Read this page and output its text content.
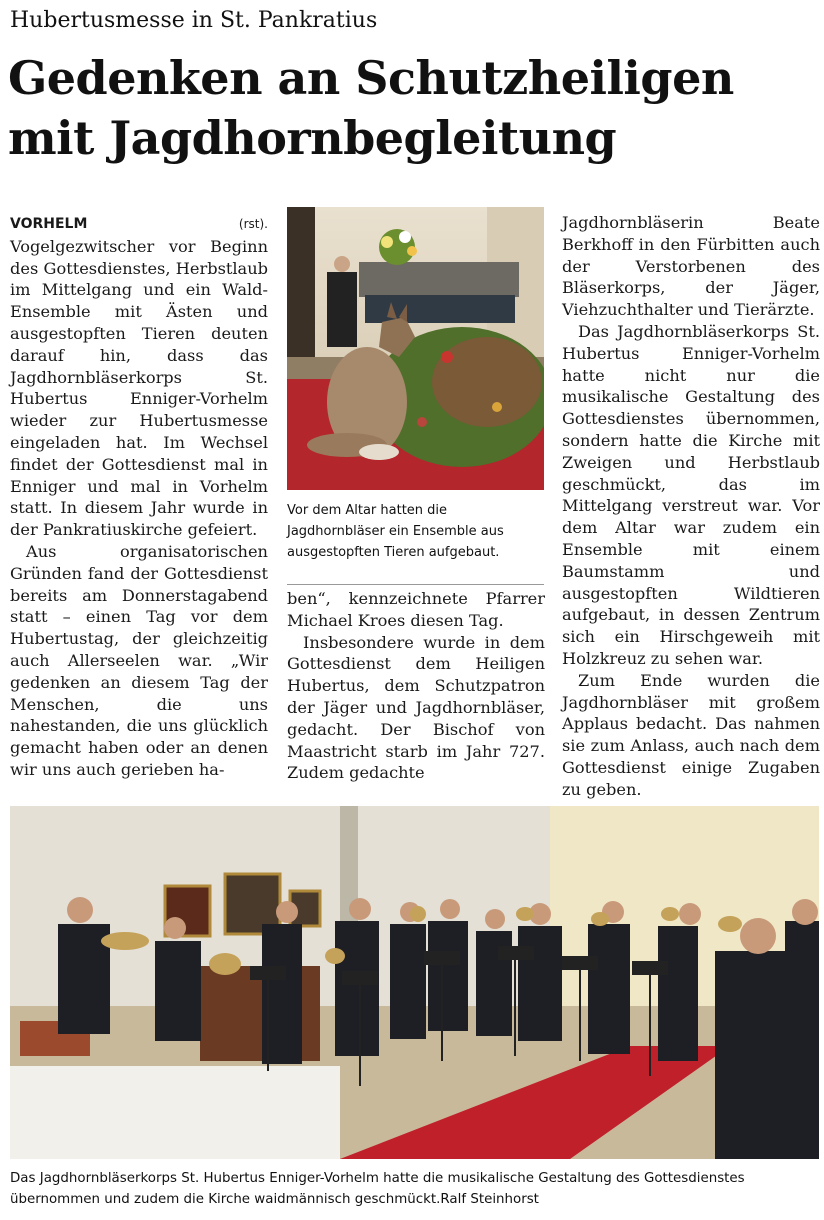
Hubertusmesse in St. Pankratius
Gedenken an Schutzheiligen mit Jagdhornbegleitung

VORHELM	(rst). Vogelgezwitscher vor Beginn des Gottesdienstes, Herbstlaub im Mittelgang und ein Wald-Ensemble mit Ästen und ausgestopften Tieren deuten darauf hin, dass das Jagdhornbläserkorps St. Hubertus Enniger-Vorhelm wieder zur Hubertusmesse eingeladen hat. Im Wechsel findet der Gottesdienst mal in Enniger und mal in Vorhelm statt. In diesem Jahr wurde in der Pankratiuskirche gefeiert.

Aus organisatorischen Gründen fand der Gottesdienst bereits am Donnerstagabend statt – einen Tag vor dem Hubertustag, der gleichzeitig auch Allerseelen war. „Wir gedenken an diesem Tag der Menschen, die uns nahestanden, die uns glücklich gemacht haben oder an denen wir uns auch gerieben ha-

Vor dem Altar hatten die Jagdhornbläser ein Ensemble aus ausgestopften Tieren aufgebaut.

ben“, kennzeichnete Pfarrer Michael Kroes diesen Tag.

Insbesondere wurde in dem Gottesdienst dem Heiligen Hubertus, dem Schutzpatron der Jäger und Jagdhornbläser, gedacht. Der Bischof von Maastricht starb im Jahr 727. Zudem gedachte

Jagdhornbläserin Beate Berkhoff in den Fürbitten auch der Verstorbenen des Bläserkorps, der Jäger, Viehzuchthalter und Tierärzte.

Das Jagdhornbläserkorps St. Hubertus Enniger-Vorhelm hatte nicht nur die musikalische Gestaltung des Gottesdienstes übernommen, sondern hatte die Kirche mit Zweigen und Herbstlaub geschmückt, das im Mittelgang verstreut war. Vor dem Altar war zudem ein Ensemble mit einem Baumstamm und ausgestopften Wildtieren aufgebaut, in dessen Zentrum sich ein Hirschgeweih mit Holzkreuz zu sehen war.

Zum Ende wurden die Jagdhornbläser mit großem Applaus bedacht. Das nahmen sie zum Anlass, auch nach dem Gottesdienst einige Zugaben zu geben.

Das Jagdhornbläserkorps St. Hubertus Enniger-Vorhelm hatte die musikalische Gestaltung des Gottesdienstes übernommen und zudem die Kirche waidmännisch geschmückt.Ralf Steinhorst
